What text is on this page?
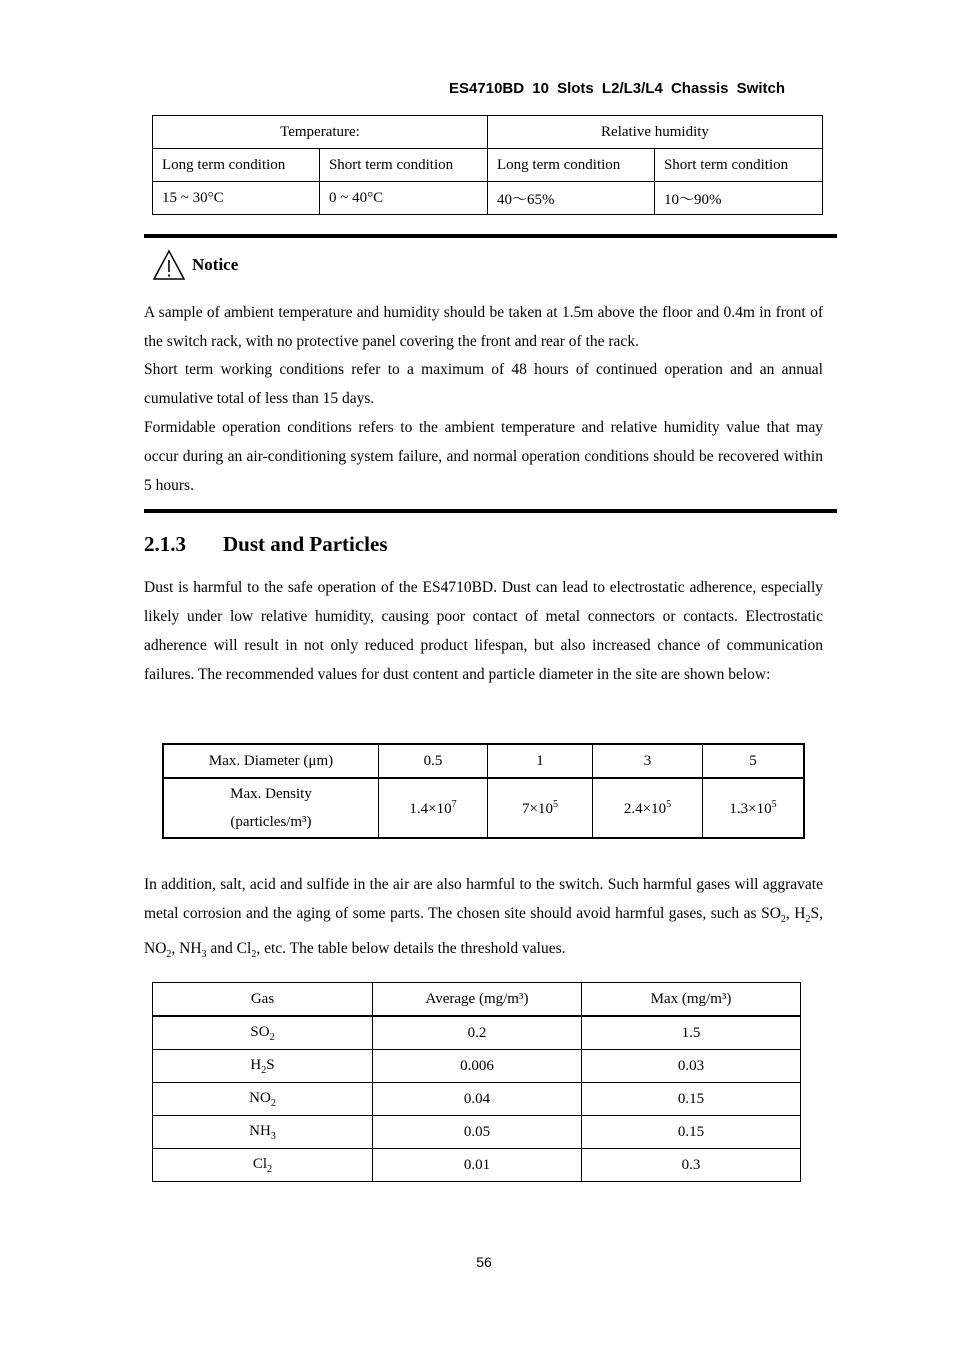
ES4710BD 10 Slots L2/L3/L4 Chassis Switch
Temperature:		Relative humidity	
Long term condition	Short term condition	Long term condition	Short term condition
15 ~ 30°C	0 ~ 40°C	40～65%	10～90%
Notice

A sample of ambient temperature and humidity should be taken at 1.5m above the floor and 0.4m in front of the switch rack, with no protective panel covering the front and rear of the rack.

Short term working conditions refer to a maximum of 48 hours of continued operation and an annual cumulative total of less than 15 days.

Formidable operation conditions refers to the ambient temperature and relative humidity value that may occur during an air-conditioning system failure, and normal operation conditions should be recovered within 5 hours.

2.1.3 Dust and Particles

Dust is harmful to the safe operation of the ES4710BD. Dust can lead to electrostatic adherence, especially likely under low relative humidity, causing poor contact of metal connectors or contacts. Electrostatic adherence will result in not only reduced product lifespan, but also increased chance of communication failures. The recommended values for dust content and particle diameter in the site are shown below:

Max. Diameter (μm)	0.5	1	3	5
Max. Density
(particles/m³)	$1.4\times 10^7$	$7\times 10^5$	$2.4\times 10^5$	$1.3\times 10^5$

In addition, salt, acid and sulfide in the air are also harmful to the switch. Such harmful gases will aggravate metal corrosion and the aging of some parts. The chosen site should avoid harmful gases, such as $SO_2$, $H_2S$, $NO_2$, $NH_3$ and $Cl_2$, etc. The table below details the threshold values.

Gas	Average (mg/m³)	Max (mg/m³)
$SO_2$	0.2	1.5
$H_2S$	0.006	0.03
$NO_2$	0.04	0.15
$NH_3$	0.05	0.15
$Cl_2$	0.01	0.3
56
